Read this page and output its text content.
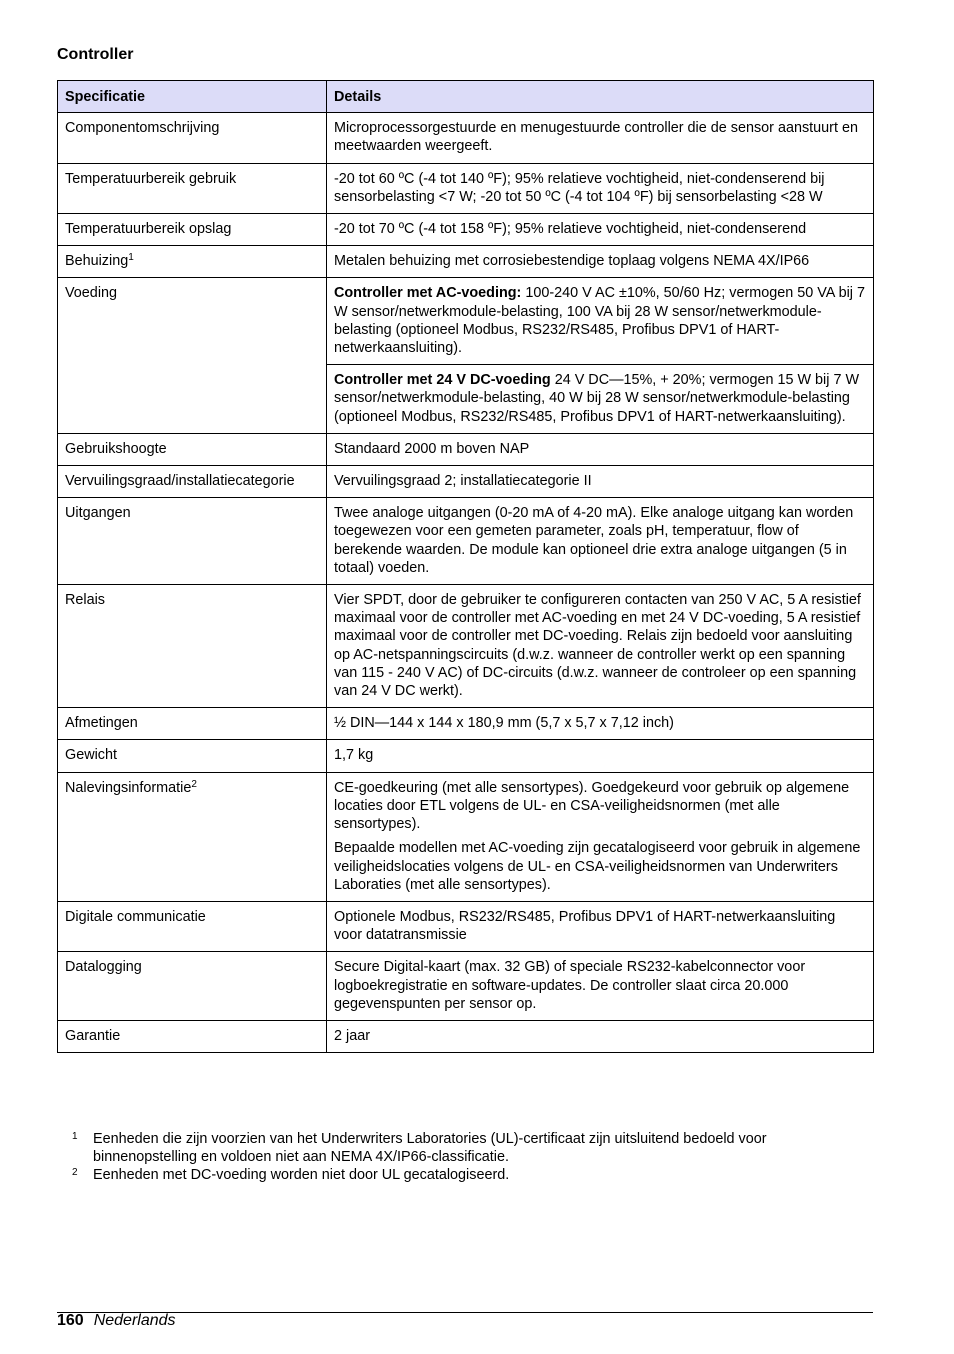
Controller
Specificatie	Details
Componentomschrijving	Microprocessorgestuurde en menugestuurde controller die de sensor aanstuurt en meetwaarden weergeeft.
Temperatuurbereik gebruik	-20 tot 60 ºC (-4 tot 140 ºF); 95% relatieve vochtigheid, niet-condenserend bij sensorbelasting <7 W; -20 tot 50 ºC (-4 tot 104 ºF) bij sensorbelasting <28 W
Temperatuurbereik opslag	-20 tot 70 ºC (-4 tot 158 ºF); 95% relatieve vochtigheid, niet-condenserend
Behuizing$^1$	Metalen behuizing met corrosiebestendige toplaag volgens NEMA 4X/IP66
Voeding	Controller met AC-voeding: 100-240 V AC ±10%, 50/60 Hz; vermogen 50 VA bij 7 W sensor/netwerkmodule-belasting, 100 VA bij 28 W sensor/netwerkmodule-belasting (optioneel Modbus, RS232/RS485, Profibus DPV1 of HART-netwerkaansluiting).
	Controller met 24 V DC-voeding 24 V DC—15%, + 20%; vermogen 15 W bij 7 W sensor/netwerkmodule-belasting, 40 W bij 28 W sensor/netwerkmodule-belasting (optioneel Modbus, RS232/RS485, Profibus DPV1 of HART-netwerkaansluiting).
Gebruikshoogte	Standaard 2000 m boven NAP
Vervuilingsgraad/installatiecategorie	Vervuilingsgraad 2; installatiecategorie II
Uitgangen	Twee analoge uitgangen (0-20 mA of 4-20 mA). Elke analoge uitgang kan worden toegewezen voor een gemeten parameter, zoals pH, temperatuur, flow of berekende waarden. De module kan optioneel drie extra analoge uitgangen (5 in totaal) voeden.
Relais	Vier SPDT, door de gebruiker te configureren contacten van 250 V AC, 5 A resistief maximaal voor de controller met AC-voeding en met 24 V DC-voeding, 5 A resistief maximaal voor de controller met DC-voeding. Relais zijn bedoeld voor aansluiting op AC-netspanningscircuits (d.w.z. wanneer de controller werkt op een spanning van 115 - 240 V AC) of DC-circuits (d.w.z. wanneer de controleer op een spanning van 24 V DC werkt).
Afmetingen	½ DIN—144 x 144 x 180,9 mm (5,7 x 5,7 x 7,12 inch)
Gewicht	1,7 kg
Nalevingsinformatie$^2$	CE-goedkeuring (met alle sensortypes). Goedgekeurd voor gebruik op algemene locaties door ETL volgens de UL- en CSA-veiligheidsnormen (met alle sensortypes).
Bepaalde modellen met AC-voeding zijn gecatalogiseerd voor gebruik in algemene veiligheidslocaties volgens de UL- en CSA-veiligheidsnormen van Underwriters Laboraties (met alle sensortypes).

Digitale communicatie	Optionele Modbus, RS232/RS485, Profibus DPV1 of HART-netwerkaansluiting voor datatransmissie
Datalogging	Secure Digital-kaart (max. 32 GB) of speciale RS232-kabelconnector voor logboekregistratie en software-updates. De controller slaat circa 20.000 gegevenspunten per sensor op.
Garantie	2 jaar
1 Eenheden die zijn voorzien van het Underwriters Laboratories (UL)-certificaat zijn uitsluitend bedoeld voor binnenopstelling en voldoen niet aan NEMA 4X/IP66-classificatie.
2 Eenheden met DC-voeding worden niet door UL gecatalogiseerd.
160 Nederlands
